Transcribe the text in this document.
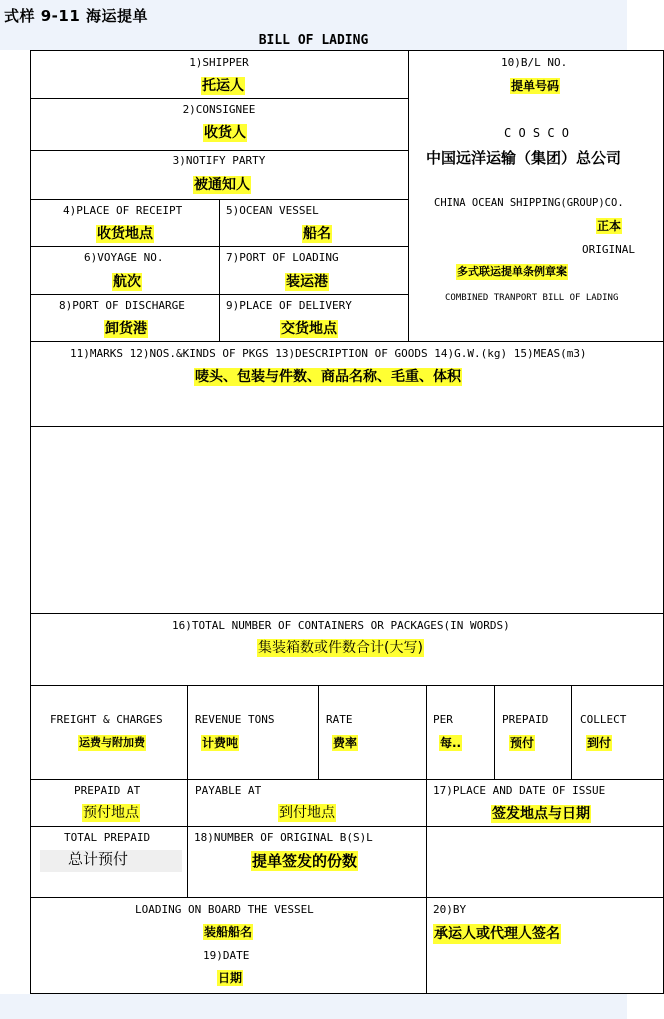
式样 9-11 海运提单
BILL OF LADING
1)SHIPPER
托运人
2)CONSIGNEE
收货人
3)NOTIFY PARTY
被通知人
4)PLACE OF RECEIPT
收货地点
5)OCEAN VESSEL
船名
6)VOYAGE NO.
航次
7)PORT OF LOADING
装运港
8)PORT OF DISCHARGE
卸货港
9)PLACE OF DELIVERY
交货地点
10)B/L NO.
提单号码
C O S C O
中国远洋运输（集团）总公司
CHINA OCEAN SHIPPING(GROUP)CO.
正本
ORIGINAL
多式联运提单条例章案
COMBINED TRANPORT BILL OF LADING
11)MARKS 12)NOS.&KINDS OF PKGS 13)DESCRIPTION OF GOODS 14)G.W.(kg) 15)MEAS(m3)
唛头、包装与件数、商品名称、毛重、体积
16)TOTAL NUMBER OF CONTAINERS OR PACKAGES(IN WORDS)
集装箱数或件数合计(大写)
FREIGHT & CHARGES
运费与附加费
REVENUE TONS
计费吨
RATE
费率
PER
每..
PREPAID
预付
COLLECT
到付
PREPAID AT
预付地点
PAYABLE AT
到付地点
17)PLACE AND DATE OF ISSUE
签发地点与日期
TOTAL PREPAID
总计预付
18)NUMBER OF ORIGINAL B(S)L
提单签发的份数
LOADING ON BOARD THE VESSEL
装船船名
19)DATE
日期
20)BY
承运人或代理人签名
